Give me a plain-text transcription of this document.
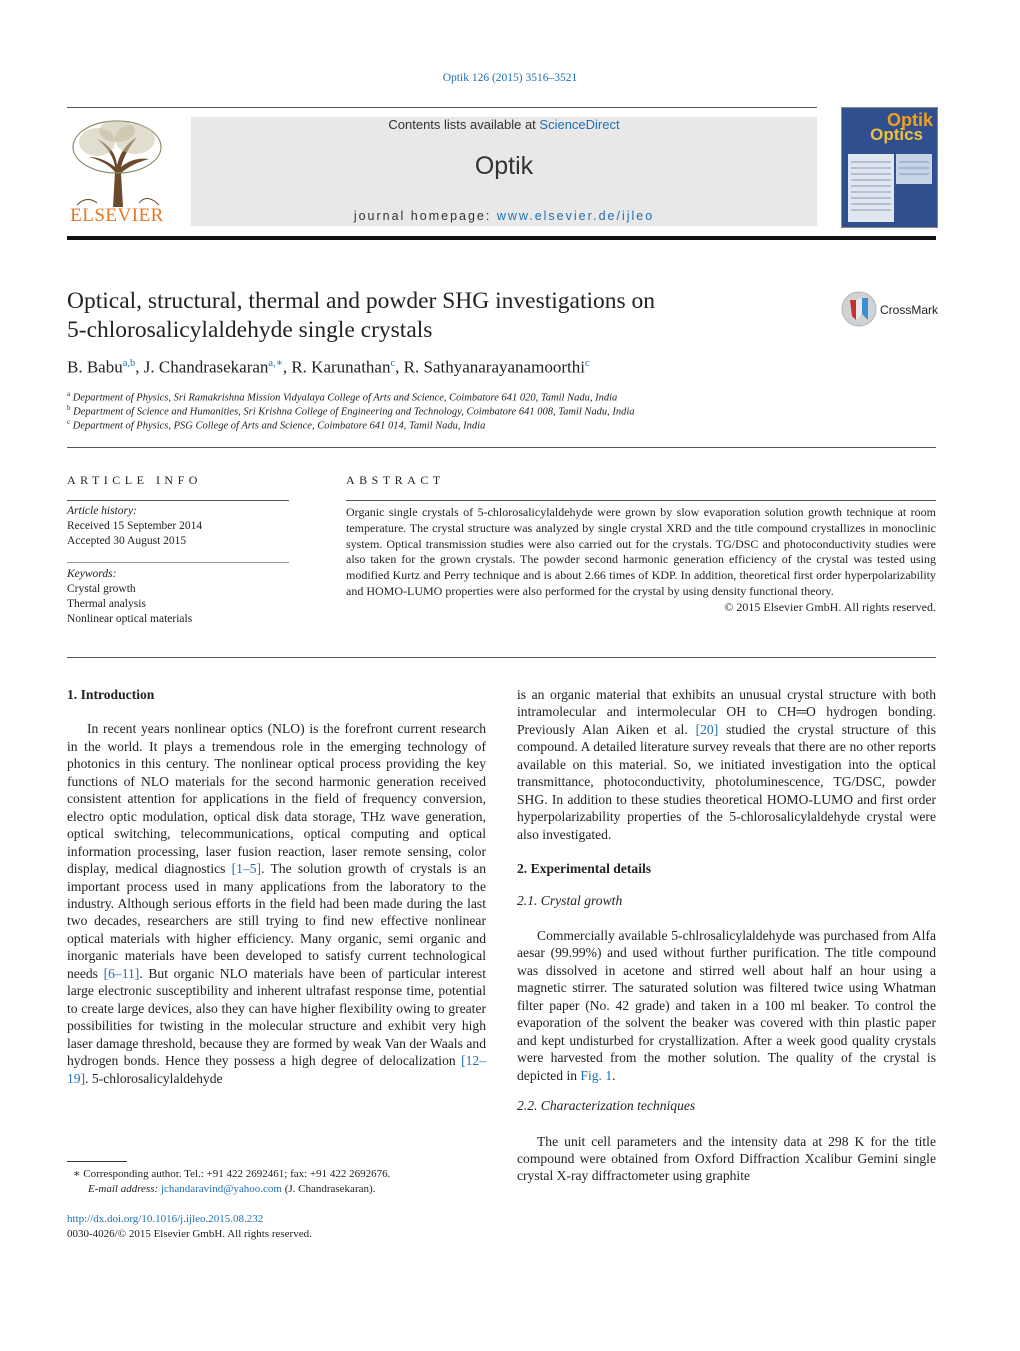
Optik 126 (2015) 3516–3521
ELSEVIER
Contents lists available at ScienceDirect
Optik
journal homepage: www.elsevier.de/ijleo
Optik
Optics
Optical, structural, thermal and powder SHG investigations on
5-chlorosalicylaldehyde single crystals
CrossMark
B. Babu$^{a,b}$, J. Chandrasekaran$^{a,∗}$, R. Karunathan$^c$, R. Sathyanarayanamoorthi$^c$
$^a$ Department of Physics, Sri Ramakrishna Mission Vidyalaya College of Arts and Science, Coimbatore 641 020, Tamil Nadu, India
$^b$ Department of Science and Humanities, Sri Krishna College of Engineering and Technology, Coimbatore 641 008, Tamil Nadu, India
$^c$ Department of Physics, PSG College of Arts and Science, Coimbatore 641 014, Tamil Nadu, India
ARTICLE INFO	ABSTRACT
Article history:
Received 15 September 2014
Accepted 30 August 2015
Keywords:
Crystal growth
Thermal analysis
Nonlinear optical materials
Organic single crystals of 5-chlorosalicylaldehyde were grown by slow evaporation solution growth technique at room temperature. The crystal structure was analyzed by single crystal XRD and the title compound crystallizes in monoclinic system. Optical transmission studies were also carried out for the crystals. TG/DSC and photoconductivity studies were also taken for the grown crystals. The powder second harmonic generation efficiency of the crystal was tested using modified Kurtz and Perry technique and is about 2.66 times of KDP. In addition, theoretical first order hyperpolarizability and HOMO-LUMO properties were also performed for the crystal by using density functional theory.
© 2015 Elsevier GmbH. All rights reserved.

1. Introduction

In recent years nonlinear optics (NLO) is the forefront current research in the world. It plays a tremendous role in the emerging technology of photonics in this century. The nonlinear optical process providing the key functions of NLO materials for the second harmonic generation received consistent attention for applications in the field of frequency conversion, electro optic modulation, optical disk data storage, THz wave generation, optical switching, telecommunications, optical computing and optical information processing, laser fusion reaction, laser remote sensing, color display, medical diagnostics [1–5]. The solution growth of crystals is an important process used in many applications from the laboratory to the industry. Although serious efforts in the field had been made during the last two decades, researchers are still trying to find new effective nonlinear optical materials with higher efficiency. Many organic, semi organic and inorganic materials have been developed to satisfy current technological needs [6–11]. But organic NLO materials have been of particular interest large electronic susceptibility and inherent ultrafast response time, potential to create large devices, also they can have higher flexibility owing to greater possibilities for twisting in the molecular structure and exhibit very high laser damage threshold, because they are formed by weak Van der Waals and hydrogen bonds. Hence they possess a high degree of delocalization [12–19]. 5-chlorosalicylaldehyde

is an organic material that exhibits an unusual crystal structure with both intramolecular and intermolecular OH to CH═O hydrogen bonding. Previously Alan Aiken et al. [20] studied the crystal structure of this compound. A detailed literature survey reveals that there are no other reports available on this material. So, we initiated investigation into the optical transmittance, photoconductivity, photoluminescence, TG/DSC, powder SHG. In addition to these studies theoretical HOMO-LUMO and first order hyperpolarizability properties of the 5-chlorosalicylaldehyde crystal were also investigated.

2. Experimental details

2.1. Crystal growth

Commercially available 5-chlrosalicylaldehyde was purchased from Alfa aesar (99.99%) and used without further purification. The title compound was dissolved in acetone and stirred well about half an hour using a magnetic stirrer. The saturated solution was filtered twice using Whatman filter paper (No. 42 grade) and taken in a 100 ml beaker. To control the evaporation of the solvent the beaker was covered with thin plastic paper and kept undisturbed for crystallization. After a week good quality crystals were harvested from the mother solution. The quality of the crystal is depicted in Fig. 1.

2.2. Characterization techniques

The unit cell parameters and the intensity data at 298 K for the title compound were obtained from Oxford Diffraction Xcalibur Gemini single crystal X-ray diffractometer using graphite

∗ Corresponding author. Tel.: +91 422 2692461; fax: +91 422 2692676.
E-mail address: jchandaravind@yahoo.com (J. Chandrasekaran).
http://dx.doi.org/10.1016/j.ijleo.2015.08.232
0030-4026/© 2015 Elsevier GmbH. All rights reserved.
